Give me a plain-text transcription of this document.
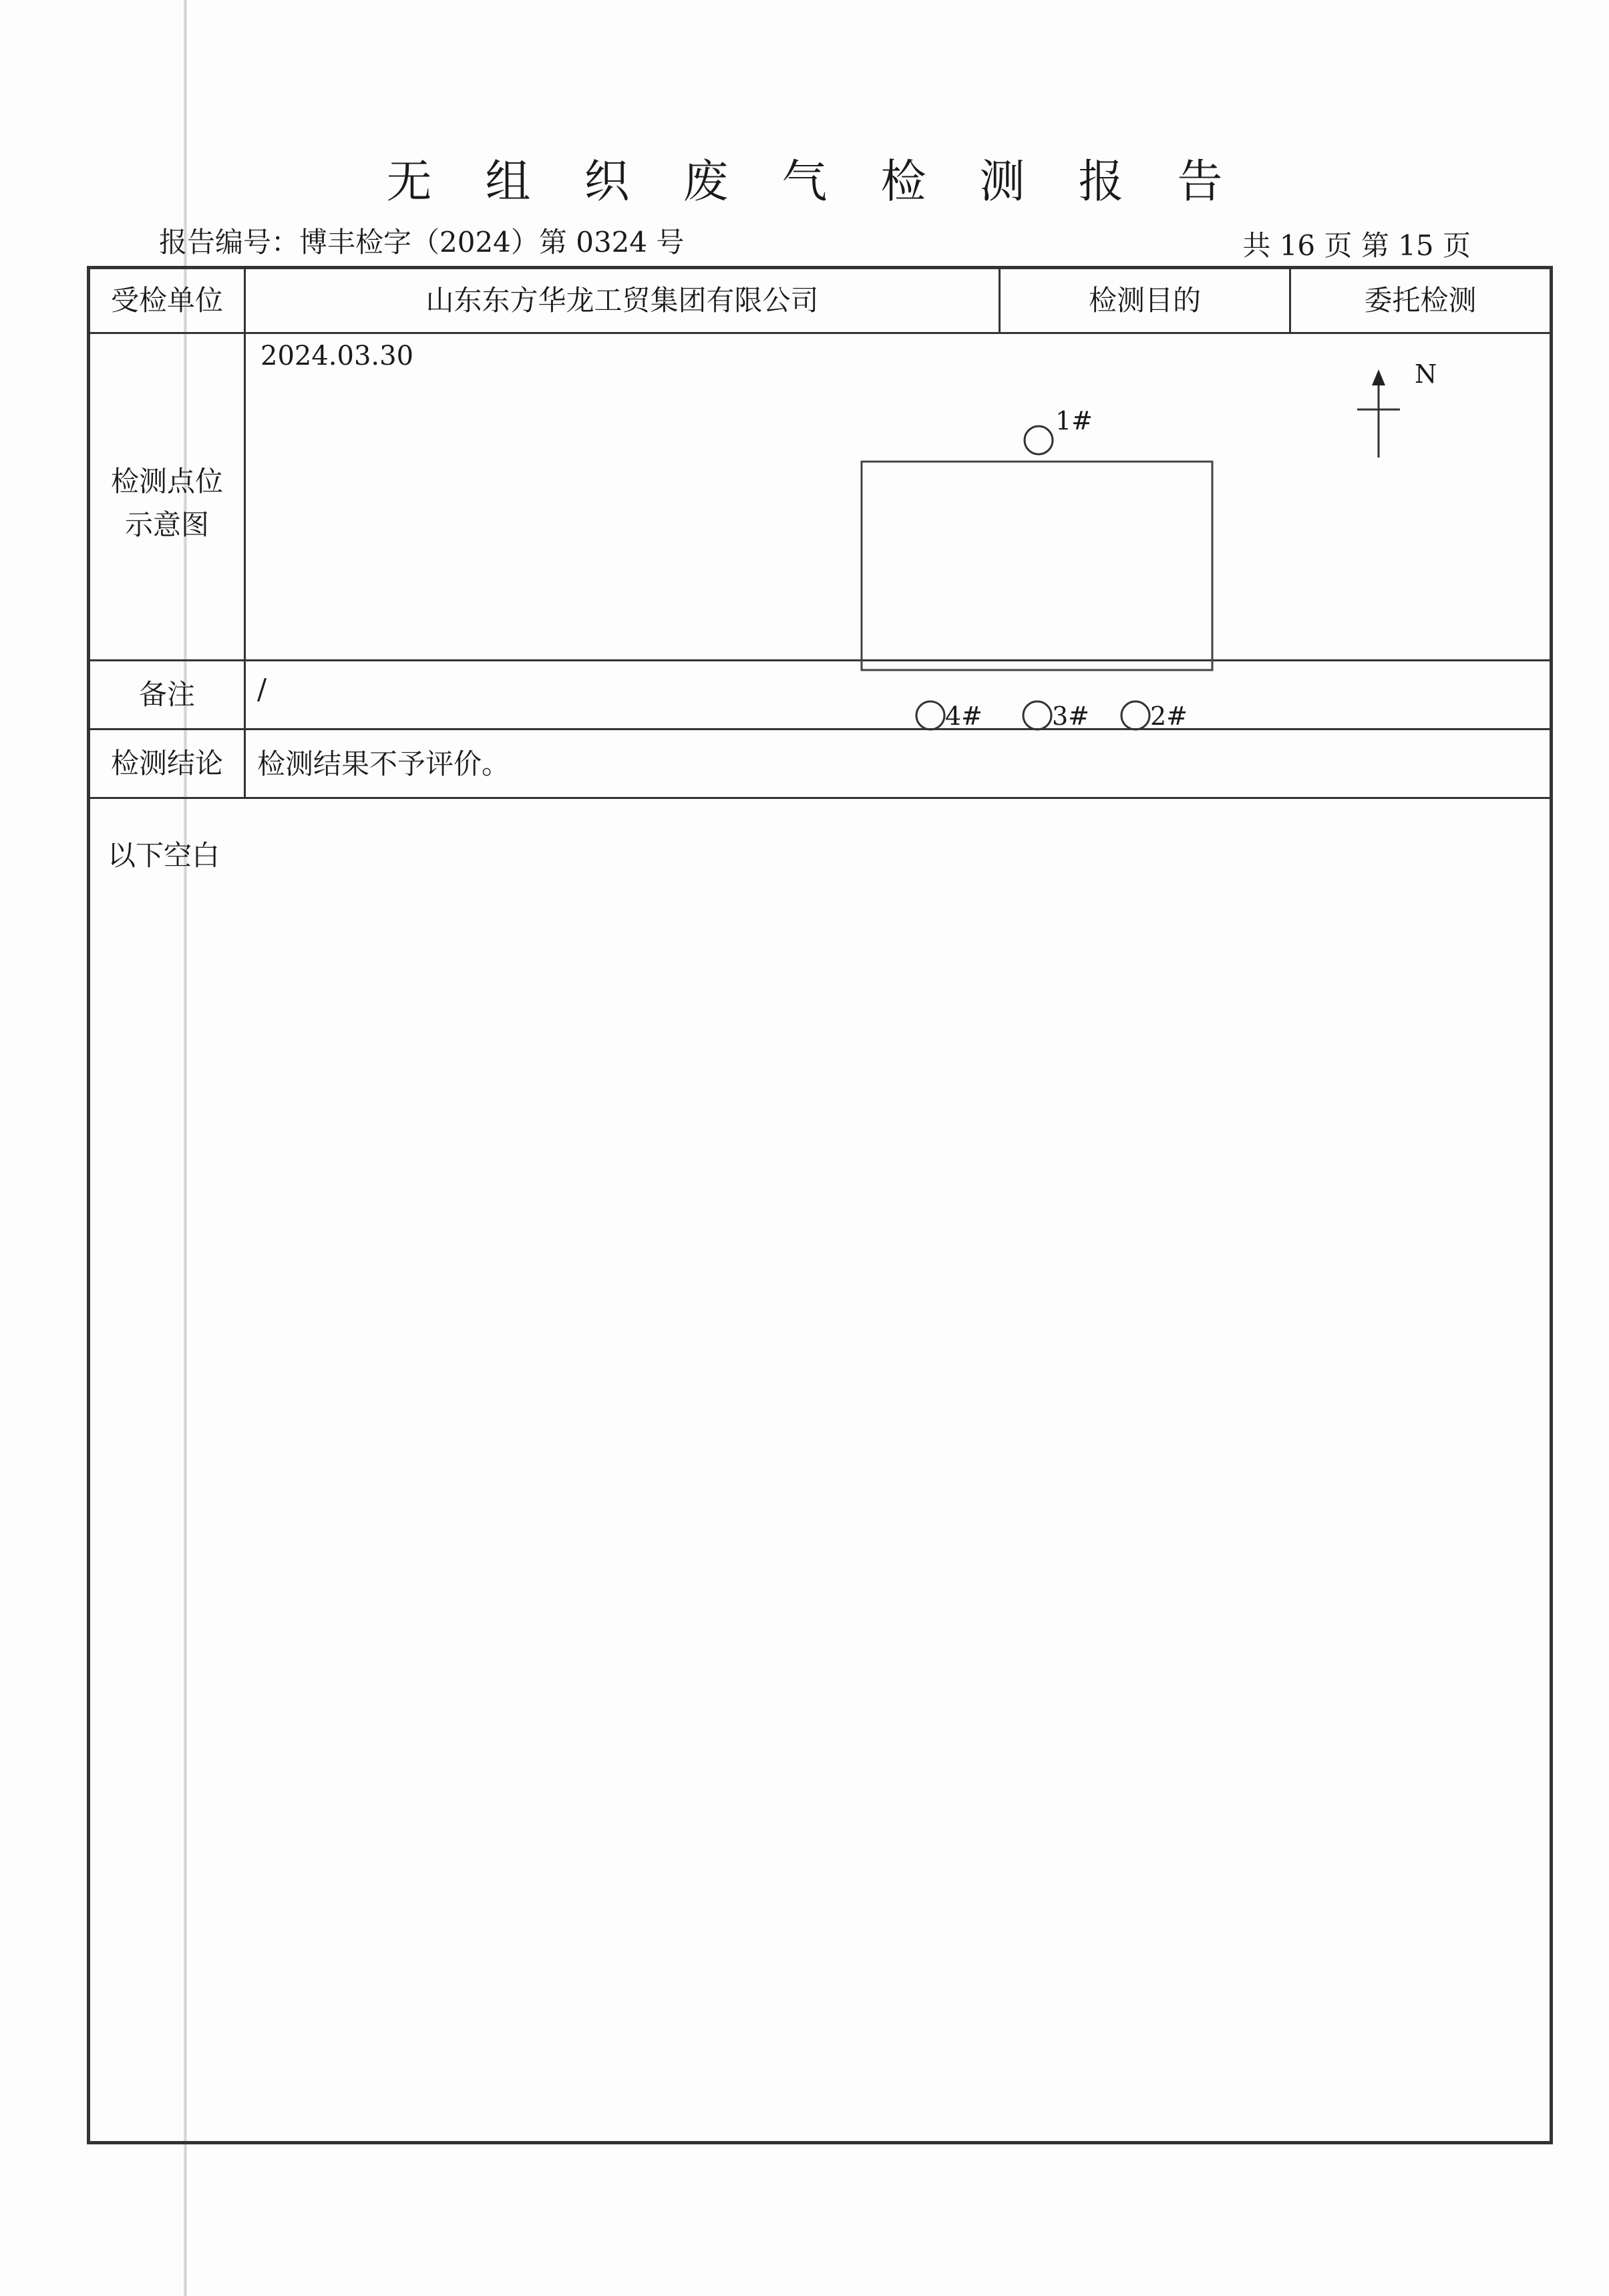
无组织废气检测报告
报告编号：博丰检字（2024）第 0324 号	共 16 页 第 15 页
受检单位	山东东方华龙工贸集团有限公司	检测目的	委托检测
检测点位示意图
2024.03.30
1#
4#	3# 2#
N
备注	/
检测结论	检测结果不予评价。
以下空白
